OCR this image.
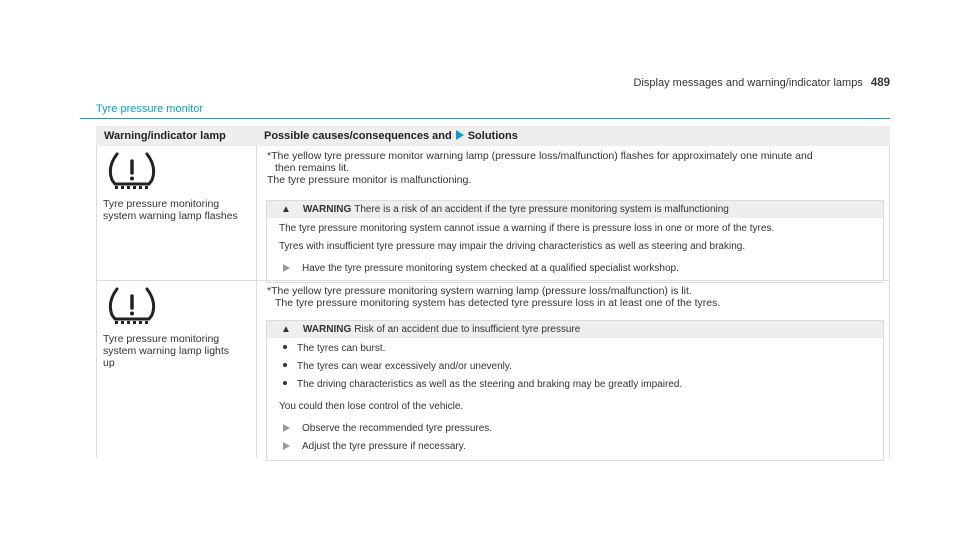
Display messages and warning/indicator lamps 489
Tyre pressure monitor
Warning/indicator lamp	Possible causes/consequences and Solutions
Tyre pressure monitoring
system warning lamp flashes
*The yellow tyre pressure monitor warning lamp (pressure loss/malfunction) flashes for approximately one minute and
then remains lit.
The tyre pressure monitor is malfunctioning.
▲ WARNING There is a risk of an accident if the tyre pressure monitoring system is malfunctioning
The tyre pressure monitoring system cannot issue a warning if there is pressure loss in one or more of the tyres.
Tyres with insufficient tyre pressure may impair the driving characteristics as well as steering and braking.
Have the tyre pressure monitoring system checked at a qualified specialist workshop.
Tyre pressure monitoring
system warning lamp lights
up
*The yellow tyre pressure monitoring system warning lamp (pressure loss/malfunction) is lit.
The tyre pressure monitoring system has detected tyre pressure loss in at least one of the tyres.
▲ WARNING Risk of an accident due to insufficient tyre pressure
The tyres can burst.
The tyres can wear excessively and/or unevenly.
The driving characteristics as well as the steering and braking may be greatly impaired.
You could then lose control of the vehicle.
Observe the recommended tyre pressures.
Adjust the tyre pressure if necessary.
